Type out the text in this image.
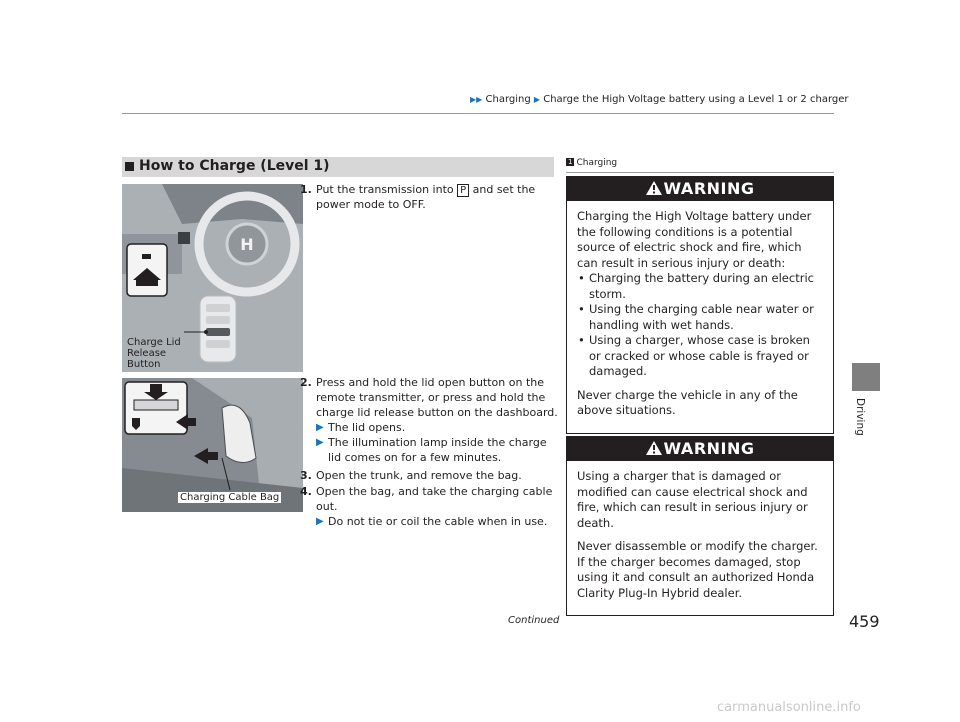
▶▶ Charging ▶ Charge the High Voltage battery using a Level 1 or 2 charger
Driving
How to Charge (Level 1)
H

Charge Lid
Release
Button

Charging Cable Bag
1. Put the transmission into P and set the power mode to OFF.
2. Press and hold the lid open button on the remote transmitter, or press and hold the charge lid release button on the dashboard.
▶ The lid opens.
▶ The illumination lamp inside the charge lid comes on for a few minutes.
3. Open the trunk, and remove the bag.
4. Open the bag, and take the charging cable out.
▶ Do not tie or coil the cable when in use.
1 Charging
WARNING

Charging the High Voltage battery under the following conditions is a potential source of electric shock and fire, which can result in serious injury or death:

• Charging the battery during an electric storm.
• Using the charging cable near water or handling with wet hands.
• Using a charger, whose case is broken or cracked or whose cable is frayed or damaged.

Never charge the vehicle in any of the above situations.

WARNING

Using a charger that is damaged or modified can cause electrical shock and fire, which can result in serious injury or death.

Never disassemble or modify the charger. If the charger becomes damaged, stop using it and consult an authorized Honda Clarity Plug-In Hybrid dealer.

Continued	459
carmanualsonline.info
